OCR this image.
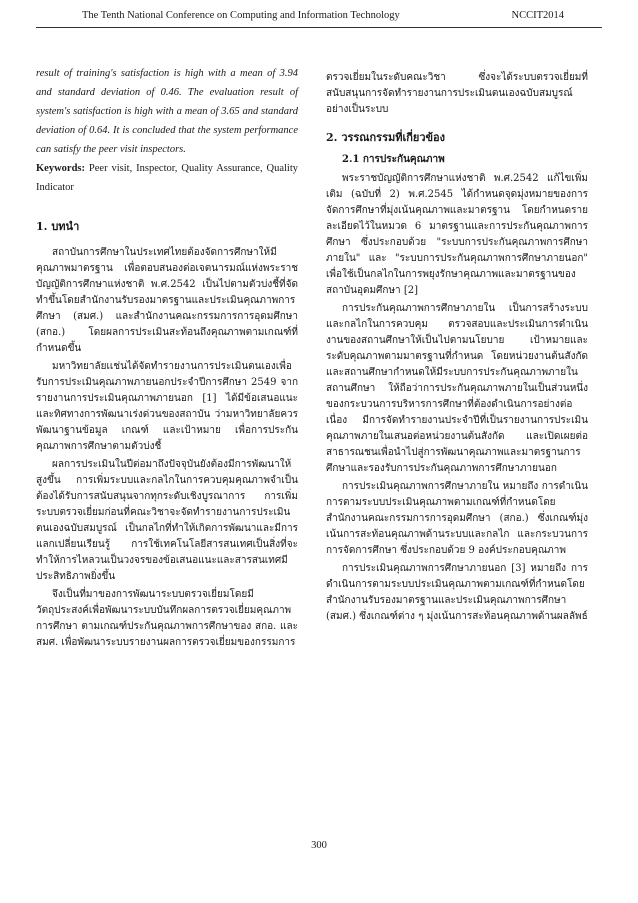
The Tenth National Conference on Computing and Information Technology	NCCIT2014

result of training's satisfaction is high with a mean of 3.94 and standard deviation of 0.46. The evaluation result of system's satisfaction is high with a mean of 3.65 and standard deviation of 0.64. It is concluded that the system performance can satisfy the peer visit inspectors.

Keywords: Peer visit, Inspector, Quality Assurance, Quality Indicator

1. บทนำ

สถาบันการศึกษาในประเทศไทยต้องจัดการศึกษาให้มีคุณภาพมาตรฐาน เพื่อตอบสนองต่อเจตนารมณ์แห่งพระราชบัญญัติการศึกษาแห่งชาติ พ.ศ.2542 เป็นไปตามตัวบ่งชี้ที่จัดทำขึ้นโดยสำนักงานรับรองมาตรฐานและประเมินคุณภาพการศึกษา (สมศ.) และสำนักงานคณะกรรมการการอุดมศึกษา (สกอ.) โดยผลการประเมินสะท้อนถึงคุณภาพตามเกณฑ์ที่กำหนดขึ้น

มหาวิทยาลัยเเช่นได้จัดทำรายงานการประเมินตนเองเพื่อรับการประเมินคุณภาพภายนอกประจำปีการศึกษา 2549 จากรายงานการประเมินคุณภาพภายนอก [1] ได้มีข้อเสนอแนะและทิศทางการพัฒนาเร่งด่วนของสถาบัน ว่ามหาวิทยาลัยควรพัฒนาฐานข้อมูล เกณฑ์ และเป้าหมาย เพื่อการประกันคุณภาพการศึกษาตามตัวบ่งชี้

ผลการประเมินในปีต่อมาถึงปัจจุบันยังต้องมีการพัฒนาให้สูงขึ้น การเพิ่มระบบและกลไกในการควบคุมคุณภาพจำเป็นต้องได้รับการสนับสนุนจากทุกระดับเชิงบูรณาการ การเพิ่มระบบตรวจเยี่ยมก่อนที่คณะวิชาจะจัดทำรายงานการประเมินตนเองฉบับสมบูรณ์ เป็นกลไกที่ทำให้เกิดการพัฒนาและมีการแลกเปลี่ยนเรียนรู้ การใช้เทคโนโลยีสารสนเทศเป็นสิ่งที่จะทำให้การไหลวนเป็นวงจรของข้อเสนอแนะและสารสนเทศมีประสิทธิภาพยิ่งขึ้น

จึงเป็นที่มาของการพัฒนาระบบตรวจเยี่ยมโดยมีวัตถุประสงค์เพื่อพัฒนาระบบบันทึกผลการตรวจเยี่ยมคุณภาพการศึกษา ตามเกณฑ์ประกันคุณภาพการศึกษาของ สกอ. และ สมศ. เพื่อพัฒนาระบบรายงานผลการตรวจเยี่ยมของกรรมการ

ตรวจเยี่ยมในระดับคณะวิชา ซึ่งจะได้ระบบตรวจเยี่ยมที่สนับสนุนการจัดทำรายงานการประเมินตนเองฉบับสมบูรณ์อย่างเป็นระบบ

2. วรรณกรรมที่เกี่ยวข้อง
2.1 การประกันคุณภาพ

พระราชบัญญัติการศึกษาแห่งชาติ พ.ศ.2542 แก้ไขเพิ่มเติม (ฉบับที่ 2) พ.ศ.2545 ได้กำหนดจุดมุ่งหมายของการจัดการศึกษาที่มุ่งเน้นคุณภาพและมาตรฐาน โดยกำหนดรายละเอียดไว้ในหมวด 6 มาตรฐานและการประกันคุณภาพการศึกษา ซึ่งประกอบด้วย "ระบบการประกันคุณภาพการศึกษาภายใน" และ "ระบบการประกันคุณภาพการศึกษาภายนอก" เพื่อใช้เป็นกลไกในการพยุงรักษาคุณภาพและมาตรฐานของสถาบันอุดมศึกษา [2]

การประกันคุณภาพการศึกษาภายใน เป็นการสร้างระบบและกลไกในการควบคุม ตรวจสอบและประเมินการดำเนินงานของสถานศึกษาให้เป็นไปตามนโยบาย เป้าหมายและระดับคุณภาพตามมาตรฐานที่กำหนด โดยหน่วยงานต้นสังกัดและสถานศึกษากำหนดให้มีระบบการประกันคุณภาพภายในสถานศึกษา ให้ถือว่าการประกันคุณภาพภายในเป็นส่วนหนึ่งของกระบวนการบริหารการศึกษาที่ต้องดำเนินการอย่างต่อเนื่อง มีการจัดทำรายงานประจำปีที่เป็นรายงานการประเมินคุณภาพภายในเสนอต่อหน่วยงานต้นสังกัด และเปิดเผยต่อสาธารณชนเพื่อนำไปสู่การพัฒนาคุณภาพและมาตรฐานการศึกษาและรองรับการประกันคุณภาพการศึกษาภายนอก

การประเมินคุณภาพการศึกษาภายใน หมายถึง การดำเนินการตามระบบประเมินคุณภาพตามเกณฑ์ที่กำหนดโดยสำนักงานคณะกรรมการการอุดมศึกษา (สกอ.) ซึ่งเกณฑ์มุ่งเน้นการสะท้อนคุณภาพด้านระบบและกลไก และกระบวนการการจัดการศึกษา ซึ่งประกอบด้วย 9 องค์ประกอบคุณภาพ

การประเมินคุณภาพการศึกษาภายนอก [3] หมายถึง การดำเนินการตามระบบประเมินคุณภาพตามเกณฑ์ที่กำหนดโดยสำนักงานรับรองมาตรฐานและประเมินคุณภาพการศึกษา (สมศ.) ซึ่งเกณฑ์ต่าง ๆ มุ่งเน้นการสะท้อนคุณภาพด้านผลลัพธ์

300
